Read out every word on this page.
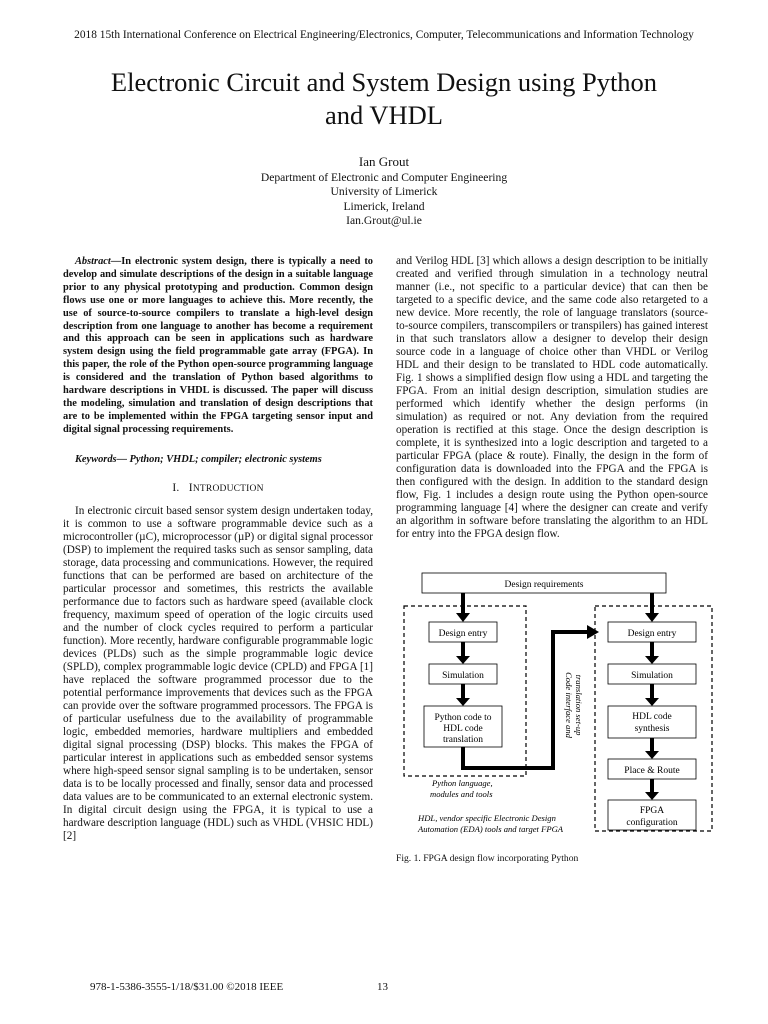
2018 15th International Conference on Electrical Engineering/Electronics, Computer, Telecommunications and Information Technology
Electronic Circuit and System Design using Python
and VHDL
Ian Grout
Department of Electronic and Computer Engineering
University of Limerick
Limerick, Ireland
Ian.Grout@ul.ie

Abstract—In electronic system design, there is typically a need to develop and simulate descriptions of the design in a suitable language prior to any physical prototyping and production. Common design flows use one or more languages to achieve this. More recently, the use of source-to-source compilers to translate a high-level design description from one language to another has become a requirement and this approach can be seen in applications such as hardware system design using the field programmable gate array (FPGA). In this paper, the role of the Python open-source programming language is considered and the translation of Python based algorithms to hardware descriptions in VHDL is discussed. The paper will discuss the modeling, simulation and translation of design descriptions that are to be implemented within the FPGA targeting sensor input and digital signal processing requirements.

Keywords— Python; VHDL; compiler; electronic systems

I. INTRODUCTION

In electronic circuit based sensor system design undertaken today, it is common to use a software programmable device such as a microcontroller (µC), microprocessor (µP) or digital signal processor (DSP) to implement the required tasks such as sensor sampling, data storage, data processing and communications. However, the required functions that can be performed are based on architecture of the particular processor and sometimes, this restricts the available performance due to factors such as hardware speed (available clock frequency, maximum speed of operation of the logic circuits used and the number of clock cycles required to perform a particular function). More recently, hardware configurable programmable logic devices (PLDs) such as the simple programmable logic device (SPLD), complex programmable logic device (CPLD) and FPGA [1] have replaced the software programmed processor due to the potential performance improvements that devices such as the FPGA can provide over the software programmed processors. The FPGA is of particular usefulness due to the availability of programmable logic, embedded memories, hardware multipliers and embedded digital signal processing (DSP) blocks. This makes the FPGA of particular interest in applications such as embedded sensor systems where high-speed sensor signal sampling is to be undertaken, sensor data is to be locally processed and finally, sensor data and processed data values are to be communicated to an external electronic system. In digital circuit design using the FPGA, it is typical to use a hardware description language (HDL) such as VHDL (VHSIC HDL) [2]

and Verilog HDL [3] which allows a design description to be initially created and verified through simulation in a technology neutral manner (i.e., not specific to a particular device) that can then be targeted to a specific device, and the same code also retargeted to a new device. More recently, the role of language translators (source-to-source compilers, transcompilers or transpilers) has gained interest in that such translators allow a designer to develop their design source code in a language of choice other than VHDL or Verilog HDL and their design to be translated to HDL code automatically. Fig. 1 shows a simplified design flow using a HDL and targeting the FPGA. From an initial design description, simulation studies are performed which identify whether the design performs (in simulation) as required or not. Any deviation from the required operation is rectified at this stage. Once the design description is complete, it is synthesized into a logic description and targeted to a particular FPGA (place & route). Finally, the design in the form of configuration data is downloaded into the FPGA and the FPGA is then configured with the design. In addition to the standard design flow, Fig. 1 includes a design route using the Python open-source programming language [4] where the designer can create and verify an algorithm in software before translating the algorithm to an HDL for entry into the FPGA design flow.

Design requirements
Design entry
Simulation
Python code to
HDL code
translation
Code interface and translation set-up
Python language,
modules and tools
Design entry
Simulation
HDL code
synthesis
Place & Route
FPGA
configuration
HDL, vendor specific Electronic Design
Automation (EDA) tools and target FPGA
Fig. 1. FPGA design flow incorporating Python
978-1-5386-3555-1/18/$31.00 ©2018 IEEE	13
